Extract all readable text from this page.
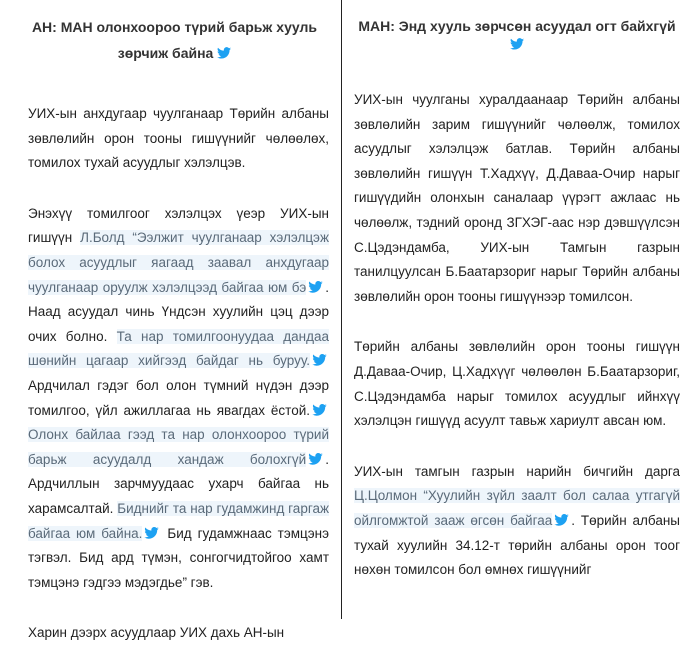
АН: МАН олонхоороо түрий барьж хууль зөрчиж байна

УИХ-ын анхдугаар чуулганаар Төрийн албаны зөвлөлийн орон тооны гишүүнийг чөлөөлөх, томилох тухай асуудлыг хэлэлцэв.

Энэхүү томилгоог хэлэлцэх үеэр УИХ-ын гишүүн Л.Болд “Ээлжит чуулганаар хэлэлцэж болох асуудлыг яагаад заавал анхдугаар чуулганаар оруулж хэлэлцээд байгаа юм бэ . Наад асуудал чинь Үндсэн хуулийн цэц дээр очих болно. Та нар томилгоонуудаа дандаа шөнийн цагаар хийгээд байдаг нь буруу.
Ардчилал гэдэг бол олон түмний нүдэн дээр томилгоо, үйл ажиллагаа нь явагдах ёстой.
Олонх байлаа гээд та нар олонхоороо түрий барьж асуудалд хандаж болохгүй . Ардчиллын зарчмуудаас ухарч байгаа нь харамсалтай. Биднийг та нар гудамжинд гаргаж байгаа юм байна. Бид гудамжнаас тэмцэнэ тэгвэл. Бид ард түмэн, сонгогчидтойгоо хамт тэмцэнэ гэдгээ мэдэгдье” гэв.

Харин дээрх асуудлаар УИХ дахь АН-ын

МАН: Энд хууль зөрчсөн асуудал огт байхгүй

УИХ-ын чуулганы хуралдаанаар Төрийн албаны зөвлөлийн зарим гишүүнийг чөлөөлж, томилох асуудлыг хэлэлцэж батлав. Төрийн албаны зөвлөлийн гишүүн Т.Хадхүү, Д.Даваа-Очир нарыг гишүүдийн олонхын саналаар үүрэгт ажлаас нь чөлөөлж, тэдний оронд ЗГХЭГ-аас нэр дэвшүүлсэн С.Цэдэндамба, УИХ-ын Тамгын газрын танилцуулсан Б.Баатарзориг нарыг Төрийн албаны зөвлөлийн орон тооны гишүүнээр томилсон.

Төрийн албаны зөвлөлийн орон тооны гишүүн Д.Даваа-Очир, Ц.Хадхүүг чөлөөлөн Б.Баатарзориг, С.Цэдэндамба нарыг томилох асуудлыг ийнхүү хэлэлцэн гишүүд асуулт тавьж хариулт авсан юм.

УИХ-ын тамгын газрын нарийн бичгийн дарга Ц.Цолмон “Хуулийн зүйл заалт бол салаа утгагүй ойлгомжтой зааж өгсөн байгаа . Төрийн албаны тухай хуулийн 34.12-т төрийн албаны орон тоог нөхөн томилсон бол өмнөх гишүүнийг
